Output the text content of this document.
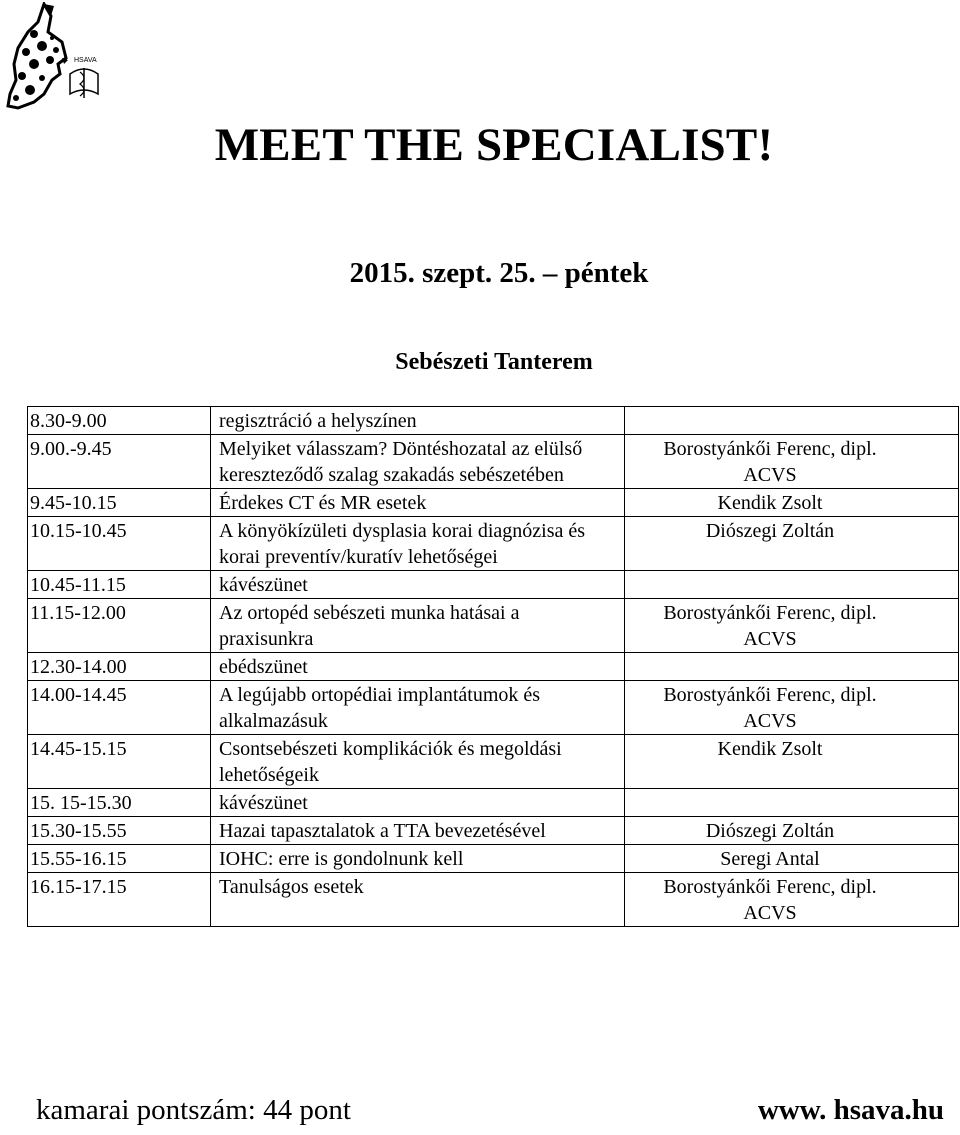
HSAVA
MEET THE SPECIALIST!
2015. szept. 25. – péntek
Sebészeti Tanterem
8.30-9.00	regisztráció a helyszínen	

9.00.-9.45	Melyiket válasszam? Döntéshozatal az elülső kereszteződő szalag szakadás sebészetében	Borostyánkői Ferenc, dipl. ACVS

9.45-10.15	Érdekes CT és MR esetek	Kendik Zsolt

10.15-10.45	A könyökízületi dysplasia korai diagnózisa és korai preventív/kuratív lehetőségei	Diószegi Zoltán

10.45-11.15	kávészünet	

11.15-12.00	Az ortopéd sebészeti munka hatásai a praxisunkra	Borostyánkői Ferenc, dipl. ACVS

12.30-14.00	ebédszünet	

14.00-14.45	A legújabb ortopédiai implantátumok és alkalmazásuk	Borostyánkői Ferenc, dipl. ACVS

14.45-15.15	Csontsebészeti komplikációk és megoldási lehetőségeik	Kendik Zsolt

15. 15-15.30	kávészünet	

15.30-15.55	Hazai tapasztalatok a TTA bevezetésével	Diószegi Zoltán

15.55-16.15	IOHC: erre is gondolnunk kell	Seregi Antal

16.15-17.15	Tanulságos esetek	Borostyánkői Ferenc, dipl. ACVS
kamarai pontszám: 44 pont	www. hsava.hu
